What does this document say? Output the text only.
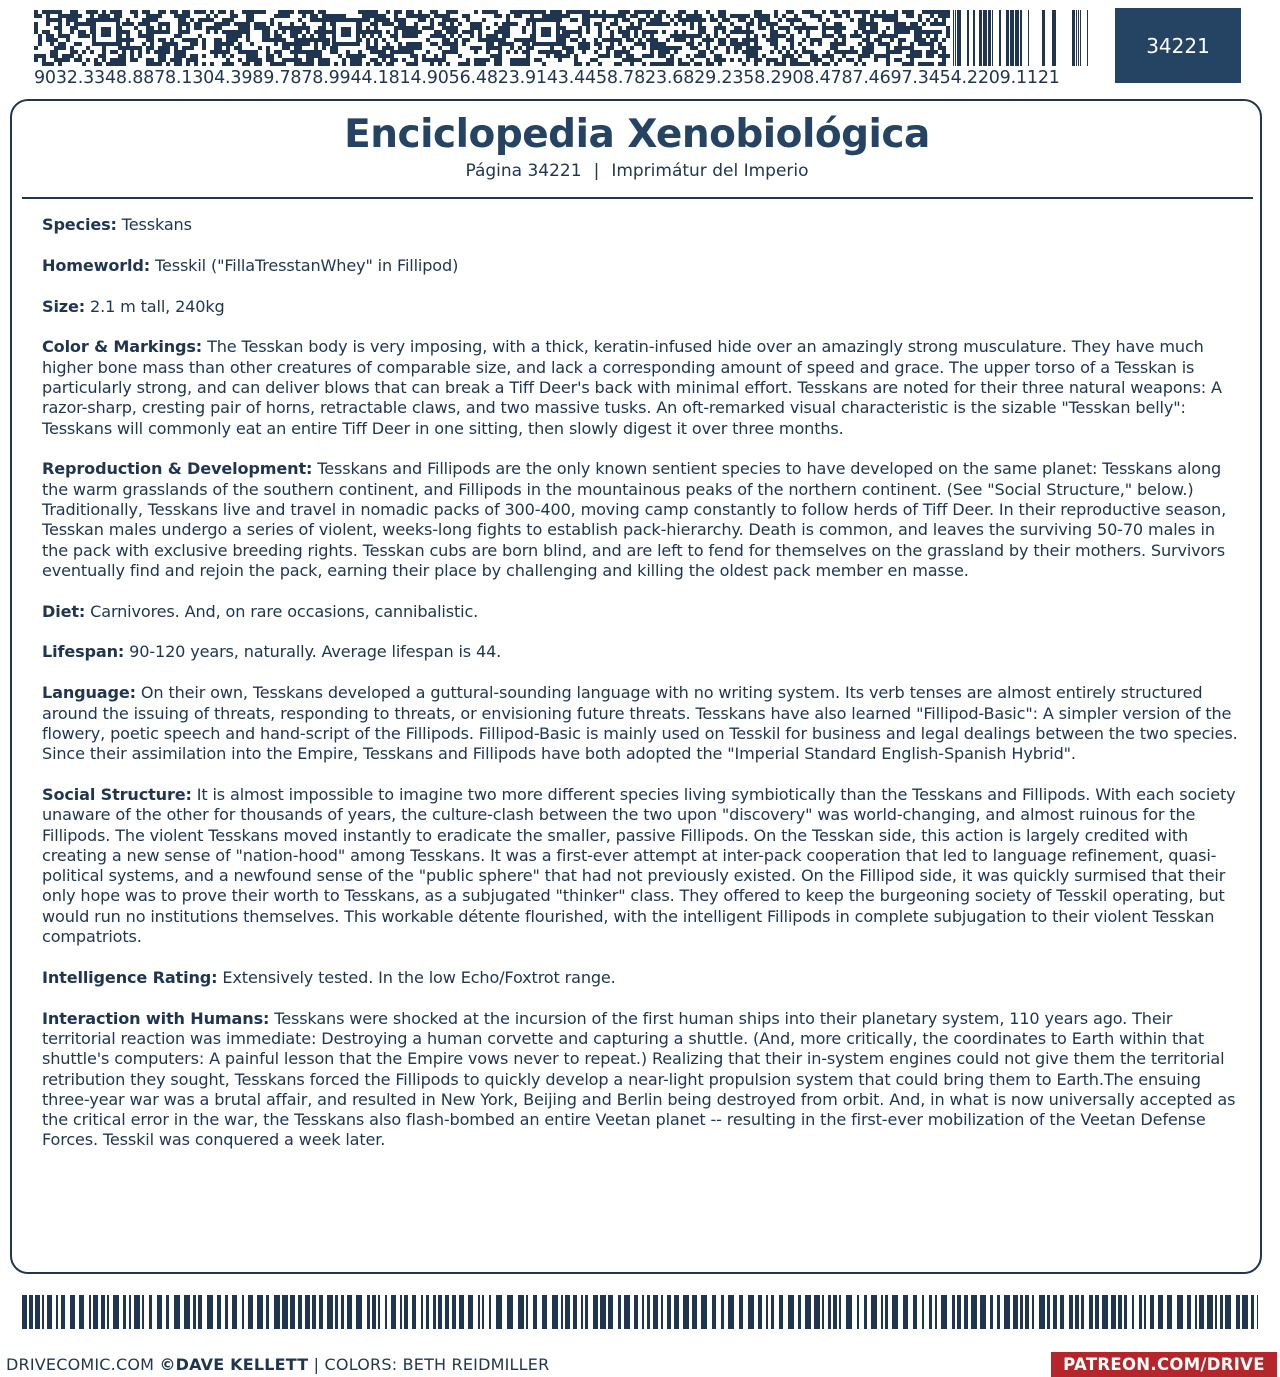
9032.3348.8878.1304.3989.7878.9944.1814.9056.4823.9143.4458.7823.6829.2358.2908.4787.4697.3454.2209.1121
34221
Enciclopedia Xenobiológica
Página 34221 | Imprimátur del Imperio
Species: Tesskans
Homeworld: Tesskil ("FillaTresstanWhey" in Fillipod)
Size: 2.1 m tall, 240kg
Color & Markings: The Tesskan body is very imposing, with a thick, keratin-infused hide over an amazingly strong musculature. They have much higher bone mass than other creatures of comparable size, and lack a corresponding amount of speed and grace. The upper torso of a Tesskan is particularly strong, and can deliver blows that can break a Tiff Deer's back with minimal effort. Tesskans are noted for their three natural weapons: A razor-sharp, cresting pair of horns, retractable claws, and two massive tusks. An oft-remarked visual characteristic is the sizable "Tesskan belly": Tesskans will commonly eat an entire Tiff Deer in one sitting, then slowly digest it over three months.
Reproduction & Development: Tesskans and Fillipods are the only known sentient species to have developed on the same planet: Tesskans along the warm grasslands of the southern continent, and Fillipods in the mountainous peaks of the northern continent. (See "Social Structure," below.) Traditionally, Tesskans live and travel in nomadic packs of 300-400, moving camp constantly to follow herds of Tiff Deer. In their reproductive season, Tesskan males undergo a series of violent, weeks-long fights to establish pack-hierarchy. Death is common, and leaves the surviving 50-70 males in the pack with exclusive breeding rights. Tesskan cubs are born blind, and are left to fend for themselves on the grassland by their mothers. Survivors eventually find and rejoin the pack, earning their place by challenging and killing the oldest pack member en masse.
Diet: Carnivores. And, on rare occasions, cannibalistic.
Lifespan: 90-120 years, naturally. Average lifespan is 44.
Language: On their own, Tesskans developed a guttural-sounding language with no writing system. Its verb tenses are almost entirely structured around the issuing of threats, responding to threats, or envisioning future threats. Tesskans have also learned "Fillipod-Basic": A simpler version of the flowery, poetic speech and hand-script of the Fillipods. Fillipod-Basic is mainly used on Tesskil for business and legal dealings between the two species. Since their assimilation into the Empire, Tesskans and Fillipods have both adopted the "Imperial Standard English-Spanish Hybrid".
Social Structure: It is almost impossible to imagine two more different species living symbiotically than the Tesskans and Fillipods. With each society unaware of the other for thousands of years, the culture-clash between the two upon "discovery" was world-changing, and almost ruinous for the Fillipods. The violent Tesskans moved instantly to eradicate the smaller, passive Fillipods. On the Tesskan side, this action is largely credited with creating a new sense of "nation-hood" among Tesskans. It was a first-ever attempt at inter-pack cooperation that led to language refinement, quasi-political systems, and a newfound sense of the "public sphere" that had not previously existed. On the Fillipod side, it was quickly surmised that their only hope was to prove their worth to Tesskans, as a subjugated "thinker" class. They offered to keep the burgeoning society of Tesskil operating, but would run no institutions themselves. This workable détente flourished, with the intelligent Fillipods in complete subjugation to their violent Tesskan compatriots.
Intelligence Rating: Extensively tested. In the low Echo/Foxtrot range.
Interaction with Humans: Tesskans were shocked at the incursion of the first human ships into their planetary system, 110 years ago. Their territorial reaction was immediate: Destroying a human corvette and capturing a shuttle. (And, more critically, the coordinates to Earth within that shuttle's computers: A painful lesson that the Empire vows never to repeat.) Realizing that their in-system engines could not give them the territorial retribution they sought, Tesskans forced the Fillipods to quickly develop a near-light propulsion system that could bring them to Earth.The ensuing three-year war was a brutal affair, and resulted in New York, Beijing and Berlin being destroyed from orbit. And, in what is now universally accepted as the critical error in the war, the Tesskans also flash-bombed an entire Veetan planet -- resulting in the first-ever mobilization of the Veetan Defense Forces. Tesskil was conquered a week later.
DRIVECOMIC.COM ©DAVE KELLETT | COLORS: BETH REIDMILLER	PATREON.COM/DRIVE
